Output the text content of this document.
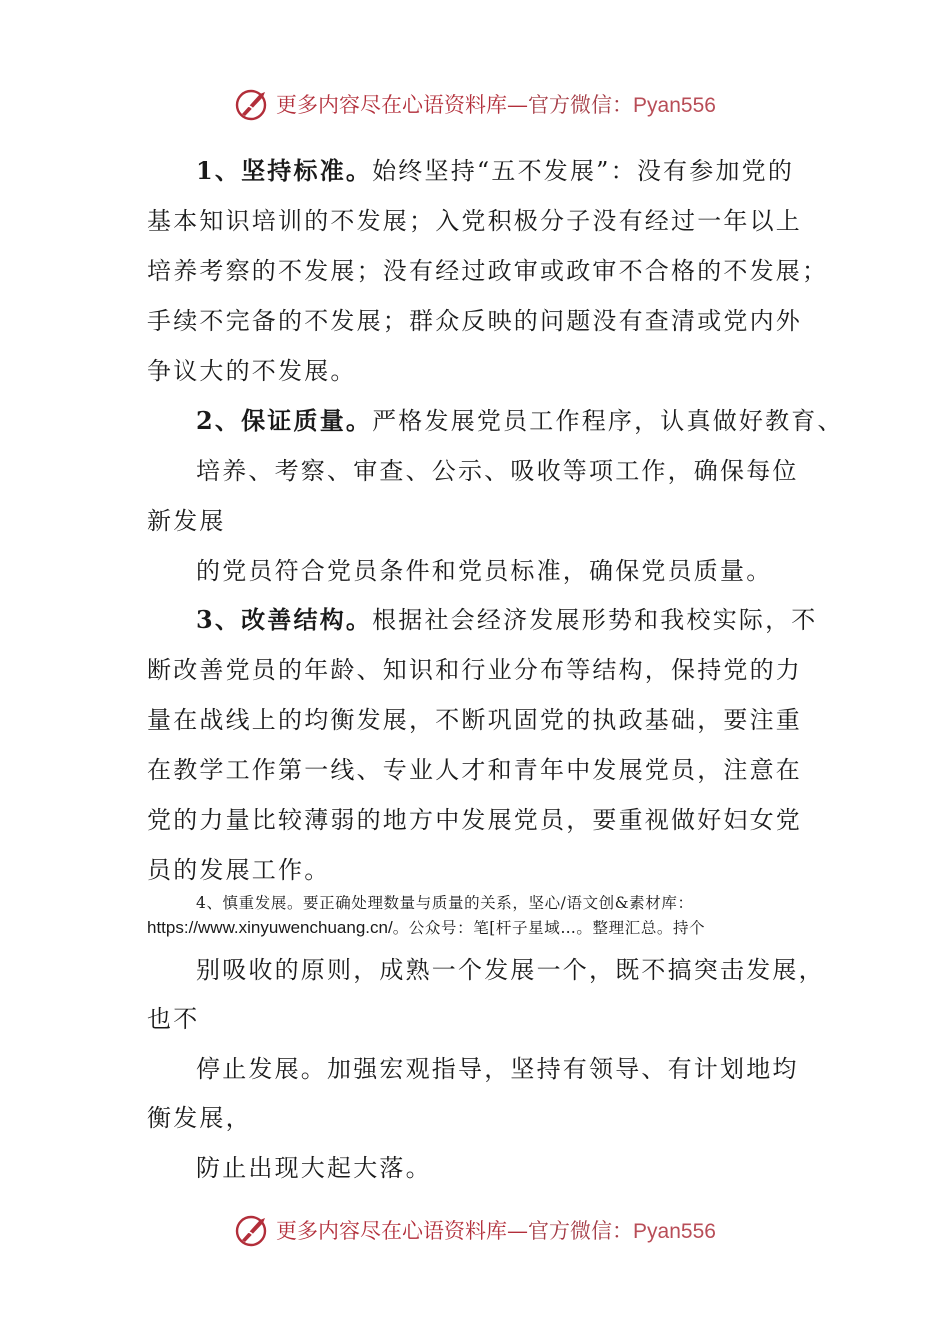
更多内容尽在心语资料库—官方微信：Pyan556
1、坚持标准。始终坚持“五不发展”：没有参加党的
基本知识培训的不发展；入党积极分子没有经过一年以上
培养考察的不发展；没有经过政审或政审不合格的不发展；
手续不完备的不发展；群众反映的问题没有查清或党内外
争议大的不发展。
2、保证质量。严格发展党员工作程序，认真做好教育、
培养、考察、审查、公示、吸收等项工作，确保每位
新发展
的党员符合党员条件和党员标准，确保党员质量。
3、改善结构。根据社会经济发展形势和我校实际，不
断改善党员的年龄、知识和行业分布等结构，保持党的力
量在战线上的均衡发展，不断巩固党的执政基础，要注重
在教学工作第一线、专业人才和青年中发展党员，注意在
党的力量比较薄弱的地方中发展党员，要重视做好妇女党
员的发展工作。
4、慎重发展。要正确处理数量与质量的关系，坚心/语文创&素材库：
https://www.xinyuwenchuang.cn/。公众号：笔[杆子星域…。整理汇总。持个
别吸收的原则，成熟一个发展一个，既不搞突击发展，
也不
停止发展。加强宏观指导，坚持有领导、有计划地均
衡发展，
防止出现大起大落。
更多内容尽在心语资料库—官方微信：Pyan556
